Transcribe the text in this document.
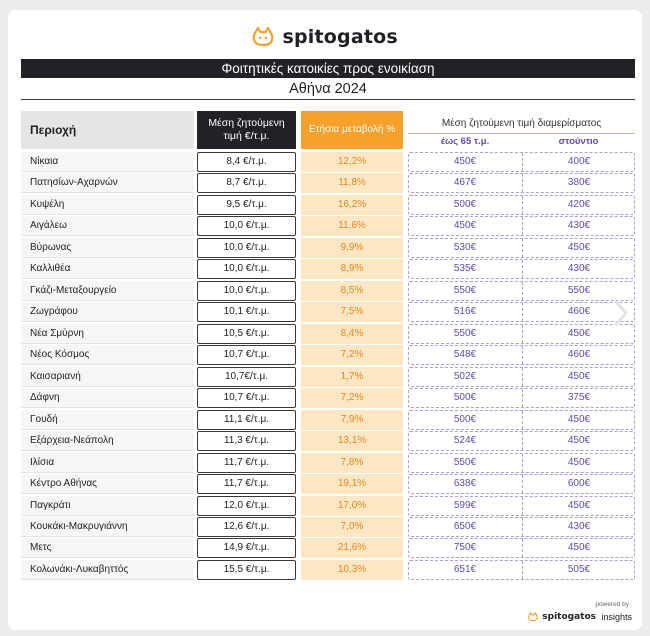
spitogatos
Φοιτητικές κατοικίες προς ενοικίαση
Αθήνα 2024
Περιοχή	Μέση ζητούμενη
τιμή €/τ.μ.
Ετήσια μεταβολή %
Μέση ζητούμενη τιμή διαμερίσματος
έως 65 τ.μ.	στούντιο
Νίκαια	8,4 €/τ.μ.	12,2%	450€	400€
Πατησίων-Αχαρνών	8,7 €/τ.μ.	11,8%	467€	380€
Κυψέλη	9,5 €/τ.μ.	16,2%	500€	420€
Αιγάλεω	10,0 €/τ.μ.	11,6%	450€	430€
Βύρωνας	10,0 €/τ.μ.	9,9%	530€	450€
Καλλιθέα	10,0 €/τ.μ.	8,9%	535€	430€
Γκάζι-Μεταξουργείο	10,0 €/τ.μ.	8,5%	550€	550€
Ζωγράφου	10,1 €/τ.μ.	7,5%	516€	460€
Νέα Σμύρνη	10,5 €/τ.μ.	8,4%	550€	450€
Νέος Κόσμος	10,7 €/τ.μ.	7,2%	548€	460€
Καισαριανή	10,7€/τ.μ.	1,7%	502€	450€
Δάφνη	10,7 €/τ.μ.	7,2%	500€	375€
Γουδή	11,1 €/τ.μ.	7,9%	500€	450€
Εξάρχεια-Νεάπολη	11,3 €/τ.μ.	13,1%	524€	450€
Ιλίσια	11,7 €/τ.μ.	7,8%	550€	450€
Κέντρο Αθήνας	11,7 €/τ.μ.	19,1%	638€	600€
Παγκράτι	12,0 €/τ.μ.	17,0%	599€	450€
Κουκάκι-Μακρυγιάννη	12,6 €/τ.μ.	7,0%	650€	430€
Μετς	14,9 €/τ.μ.	21,6%	750€	450€
Κολωνάκι-Λυκαβηττός	15,5 €/τ.μ.	10,3%	651€	505€
powered by
spitogatos insights
